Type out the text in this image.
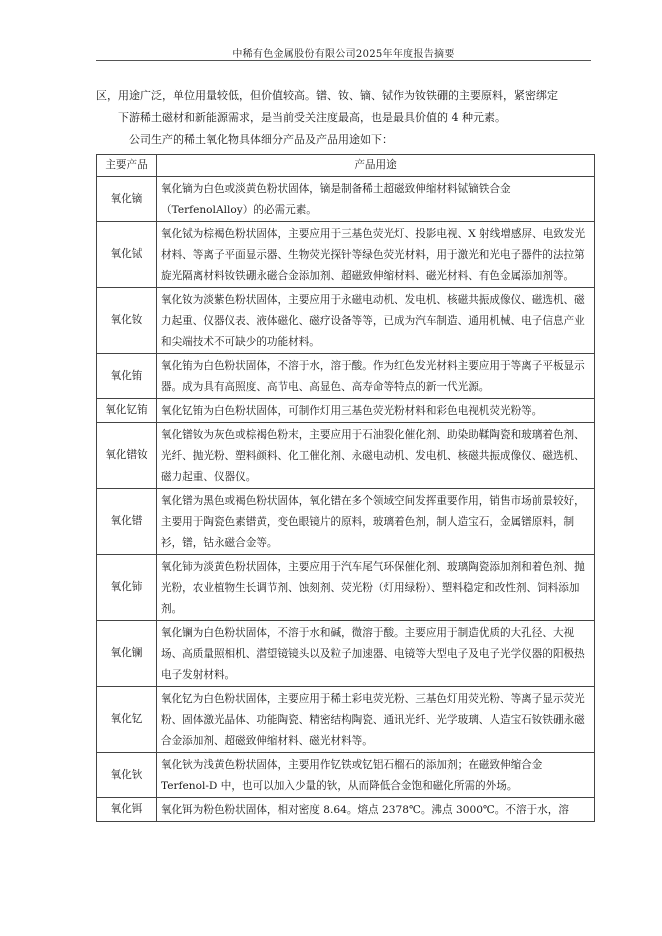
中稀有色金属股份有限公司2025年年度报告摘要

区，用途广泛，单位用量较低，但价值较高。镨、钕、镝、铽作为钕铁硼的主要原料，紧密绑定

下游稀土磁材和新能源需求，是当前受关注度最高，也是最具价值的 4 种元素。

公司生产的稀土氧化物具体细分产品及产品用途如下：

主要产品	产品用途
氧化镝	氧化镝为白色或淡黄色粉状固体，镝是制备稀土超磁致伸缩材料铽镝铁合金（TerfenolAlloy）的必需元素。
氧化铽	氧化铽为棕褐色粉状固体，主要应用于三基色荧光灯、投影电视、X 射线增感屏、电致发光材料、等离子平面显示器、生物荧光探针等绿色荧光材料，用于激光和光电子器件的法拉第旋光隔离材料钕铁硼永磁合金添加剂、超磁致伸缩材料、磁光材料、有色金属添加剂等。
氧化钕	氧化钕为淡紫色粉状固体，主要应用于永磁电动机、发电机、核磁共振成像仪、磁选机、磁力起重、仪器仪表、液体磁化、磁疗设备等等，已成为汽车制造、通用机械、电子信息产业和尖端技术不可缺少的功能材料。
氧化铕	氧化铕为白色粉状固体，不溶于水，溶于酸。作为红色发光材料主要应用于等离子平板显示器。成为具有高照度、高节电、高显色、高寿命等特点的新一代光源。
氧化钇铕	氧化钇铕为白色粉状固体，可制作灯用三基色荧光粉材料和彩色电视机荧光粉等。
氧化镨钕	氧化镨钕为灰色或棕褐色粉末，主要应用于石油裂化催化剂、助染助鞣陶瓷和玻璃着色剂、光纤、抛光粉、塑料颜料、化工催化剂、永磁电动机、发电机、核磁共振成像仪、磁选机、磁力起重、仪器仪。
氧化镨	氧化镨为黑色或褐色粉状固体，氧化镨在多个领域空间发挥重要作用，销售市场前景较好，主要用于陶瓷色素镨黄，变色眼镜片的原料，玻璃着色剂，制人造宝石，金属镨原料，制衫，镨，钴永磁合金等。
氧化铈	氧化铈为淡黄色粉状固体，主要应用于汽车尾气环保催化剂、玻璃陶瓷添加剂和着色剂、抛光粉，农业植物生长调节剂、蚀刻剂、荧光粉（灯用绿粉）、塑料稳定和改性剂、饲料添加剂。
氧化镧	氧化镧为白色粉状固体，不溶于水和碱，微溶于酸。主要应用于制造优质的大孔径、大视场、高质量照相机、潜望镜镜头以及粒子加速器、电镜等大型电子及电子光学仪器的阳极热电子发射材料。
氧化钇	氧化钇为白色粉状固体，主要应用于稀土彩电荧光粉、三基色灯用荧光粉、等离子显示荧光粉、固体激光晶体、功能陶瓷、精密结构陶瓷、通讯光纤、光学玻璃、人造宝石钕铁硼永磁合金添加剂、超磁致伸缩材料、磁光材料等。
氧化钬	氧化钬为浅黄色粉状固体，主要用作钇铁或钇铝石榴石的添加剂；在磁致伸缩合金 Terfenol-D 中，也可以加入少量的钬，从而降低合金饱和磁化所需的外场。
氧化铒	氧化铒为粉色粉状固体，相对密度 8.64。熔点 2378℃。沸点 3000℃。不溶于水，溶
